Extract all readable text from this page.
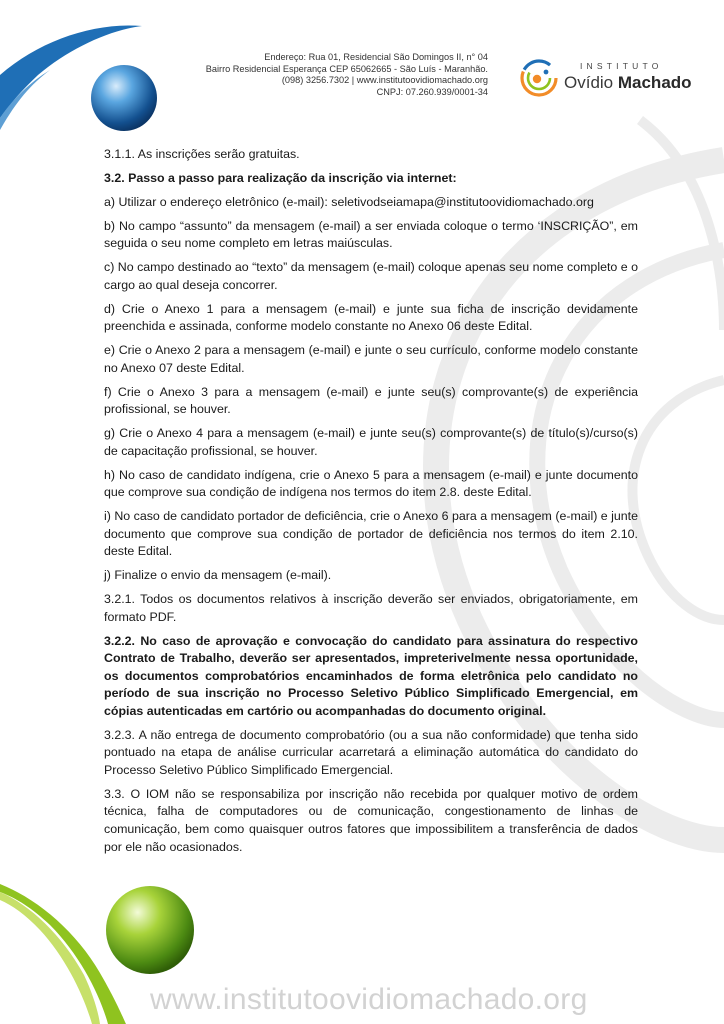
Endereço: Rua 01, Residencial São Domingos II, n° 04
Bairro Residencial Esperança CEP 65062665 - São Luís - Maranhão.
(098) 3256.7302 | www.institutoovidiomachado.org
CNPJ: 07.260.939/0001-34
INSTITUTO
Ovídio Machado

3.1.1. As inscrições serão gratuitas.

3.2. Passo a passo para realização da inscrição via internet:

a) Utilizar o endereço eletrônico (e-mail): seletivodseiamapa@institutoovidiomachado.org

b) No campo “assunto” da mensagem (e-mail) a ser enviada coloque o termo ‘INSCRIÇÃO”, em seguida o seu nome completo em letras maiúsculas.

c) No campo destinado ao “texto” da mensagem (e-mail) coloque apenas seu nome completo e o cargo ao qual deseja concorrer.

d) Crie o Anexo 1 para a mensagem (e-mail) e junte sua ficha de inscrição devidamente preenchida e assinada, conforme modelo constante no Anexo 06 deste Edital.

e) Crie o Anexo 2 para a mensagem (e-mail) e junte o seu currículo, conforme modelo constante no Anexo 07 deste Edital.

f) Crie o Anexo 3 para a mensagem (e-mail) e junte seu(s) comprovante(s) de experiência profissional, se houver.

g) Crie o Anexo 4 para a mensagem (e-mail) e junte seu(s) comprovante(s) de título(s)/curso(s) de capacitação profissional, se houver.

h) No caso de candidato indígena, crie o Anexo 5 para a mensagem (e-mail) e junte documento que comprove sua condição de indígena nos termos do item 2.8. deste Edital.

i) No caso de candidato portador de deficiência, crie o Anexo 6 para a mensagem (e-mail) e junte documento que comprove sua condição de portador de deficiência nos termos do item 2.10. deste Edital.

j) Finalize o envio da mensagem (e-mail).

3.2.1. Todos os documentos relativos à inscrição deverão ser enviados, obrigatoriamente, em formato PDF.

3.2.2. No caso de aprovação e convocação do candidato para assinatura do respectivo Contrato de Trabalho, deverão ser apresentados, impreterivelmente nessa oportunidade, os documentos comprobatórios encaminhados de forma eletrônica pelo candidato no período de sua inscrição no Processo Seletivo Público Simplificado Emergencial, em cópias autenticadas em cartório ou acompanhadas do documento original.

3.2.3. A não entrega de documento comprobatório (ou a sua não conformidade) que tenha sido pontuado na etapa de análise curricular acarretará a eliminação automática do candidato do Processo Seletivo Público Simplificado Emergencial.

3.3. O IOM não se responsabiliza por inscrição não recebida por qualquer motivo de ordem técnica, falha de computadores ou de comunicação, congestionamento de linhas de comunicação, bem como quaisquer outros fatores que impossibilitem a transferência de dados por ele não ocasionados.

www.institutoovidiomachado.org
